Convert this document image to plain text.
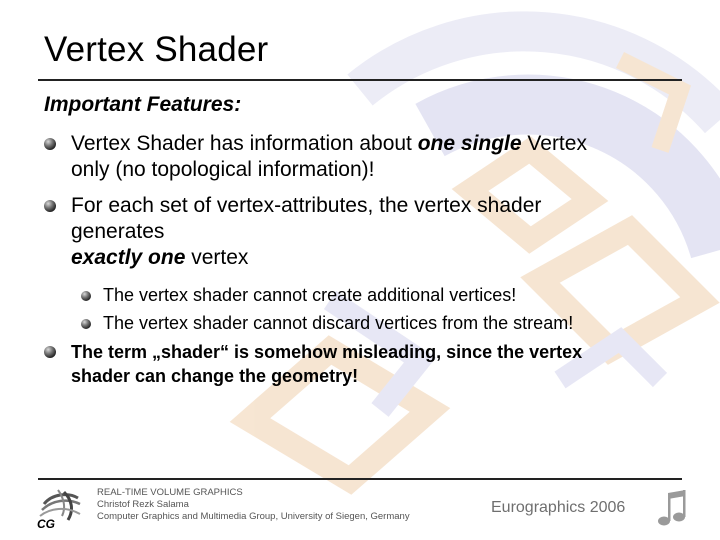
Vertex Shader
Important Features:
Vertex Shader has information about one single Vertex
only (no topological information)!
For each set of vertex-attributes, the vertex shader
generates
exactly one vertex
The vertex shader cannot create additional vertices!
The vertex shader cannot discard vertices from the stream!
The term „shader“ is somehow misleading, since the vertex
shader can change the geometry!
CG
REAL-TIME VOLUME GRAPHICS
Christof Rezk Salama
Computer Graphics and Multimedia Group, University of Siegen, Germany
Eurographics 2006
